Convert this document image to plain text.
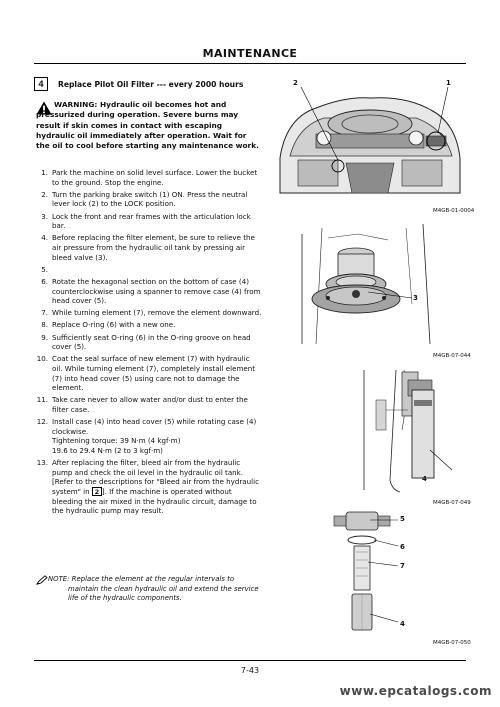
MAINTENANCE
4	Replace Pilot Oil Filter --- every 2000 hours
WARNING: Hydraulic oil becomes hot and pressurized during operation. Severe burns may result if skin comes in contact with escaping hydraulic oil immediately after operation. Wait for the oil to cool before starting any maintenance work.
1. Park the machine on solid level surface. Lower the bucket to the ground. Stop the engine.
2. Turn the parking brake switch (1) ON. Press the neutral lever lock (2) to the LOCK position.
3. Lock the front and rear frames with the articulation lock bar.
4. Before replacing the filter element, be sure to relieve the air pressure from the hydraulic oil tank by pressing air bleed valve (3).
5.
6. Rotate the hexagonal section on the bottom of case (4) counterclockwise using a spanner to remove case (4) from head cover (5).
7. While turning element (7), remove the element downward.
8. Replace O-ring (6) with a new one.
9. Sufficiently seat O-ring (6) in the O-ring groove on head cover (5).
10. Coat the seal surface of new element (7) with hydraulic oil. While turning element (7), completely install element (7) into head cover (5) using care not to damage the element.
11. Take care never to allow water and/or dust to enter the filter case.
12. Install case (4) into head cover (5) while rotating case (4) clockwise.
Tightening torque: 39 N·m (4 kgf·m)
19.6 to 29.4 N·m (2 to 3 kgf·m)
13. After replacing the filter, bleed air from the hydraulic pump and check the oil level in the hydraulic oil tank. [Refer to the descriptions for "Bleed air from the hydraulic system" in 2 ]. If the machine is operated without bleeding the air mixed in the hydraulic circuit, damage to the hydraulic pump may result.
NOTE: Replace the element at the regular intervals to maintain the clean hydraulic oil and extend the service life of the hydraulic components.
2	1
M4GB-01-0004
3
M4GB-07-044
4
M4GB-07-049
5
6
7
4
M4GB-07-050
7-43
www.epcatalogs.com
